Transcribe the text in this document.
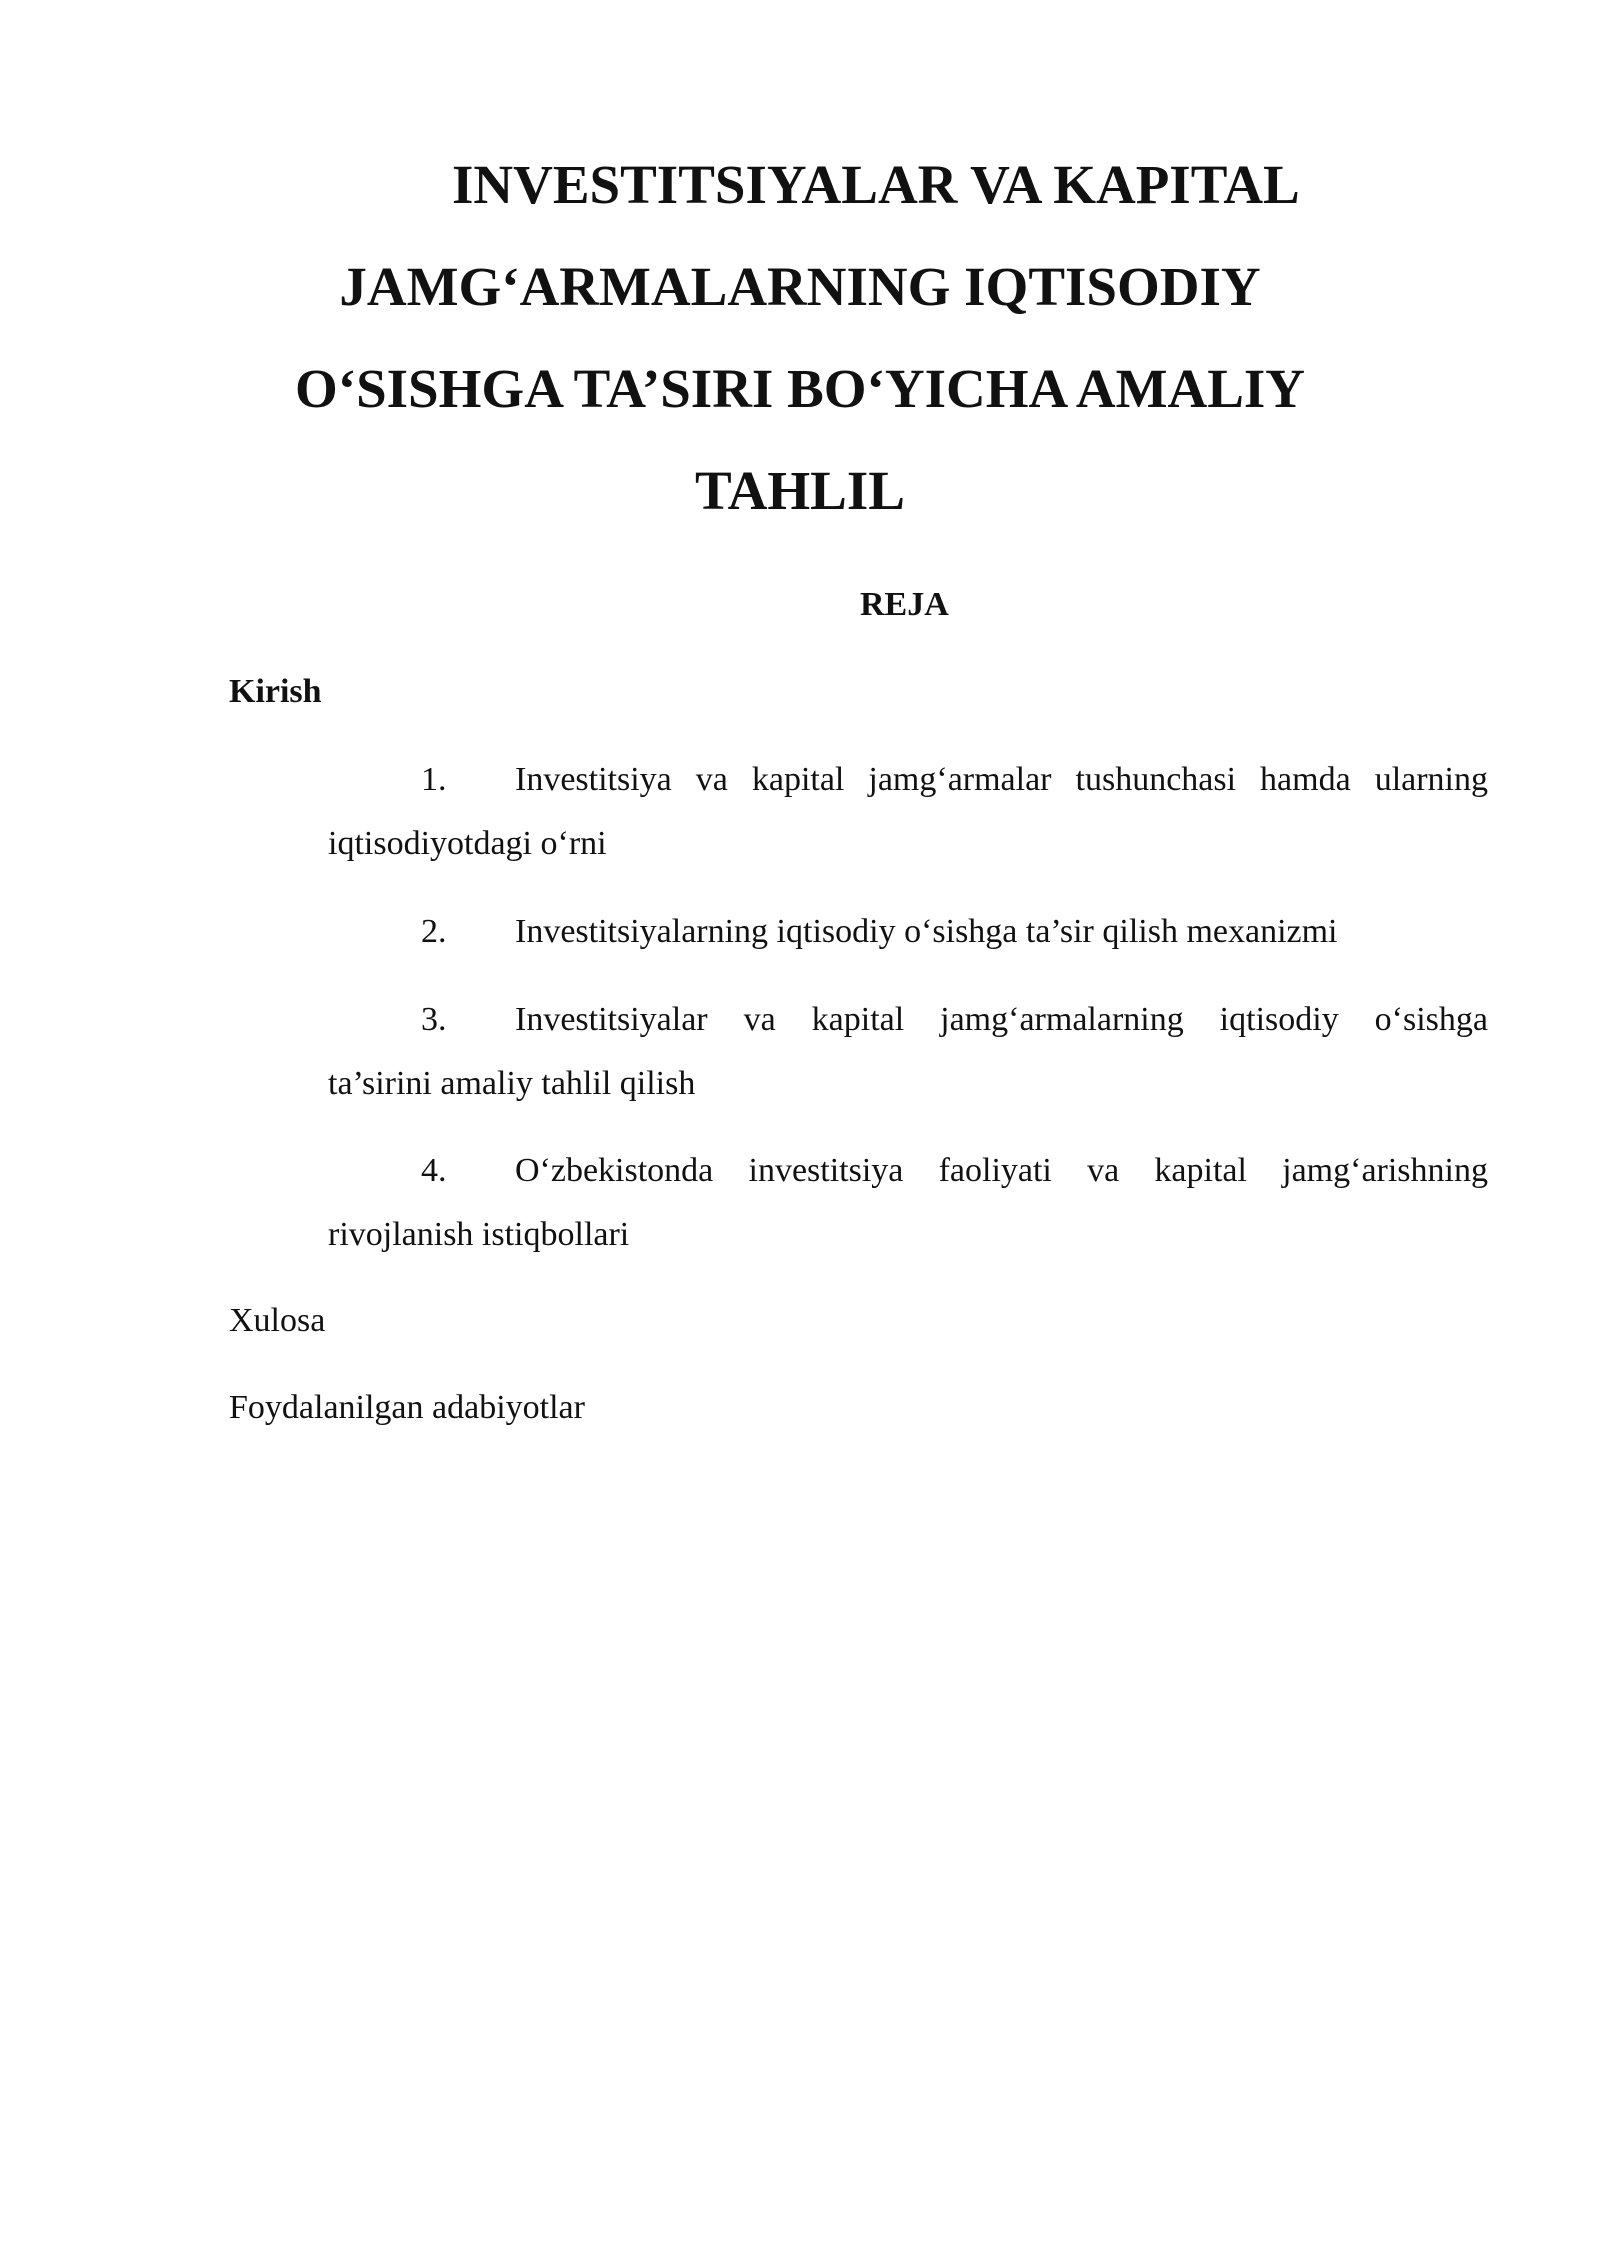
INVESTITSIYALAR VA KAPITAL
JAMG‘ARMALARNING IQTISODIY
O‘SISHGA TA’SIRI BO‘YICHA AMALIY
TAHLIL
REJA
Kirish
1.	Investitsiya va kapital jamg‘armalar tushunchasi hamda ularning
iqtisodiyotdagi o‘rni
2.	Investitsiyalarning iqtisodiy o‘sishga ta’sir qilish mexanizmi
3.	Investitsiyalar va kapital jamg‘armalarning iqtisodiy o‘sishga
ta’sirini amaliy tahlil qilish
4.	O‘zbekistonda investitsiya faoliyati va kapital jamg‘arishning
rivojlanish istiqbollari
Xulosa
Foydalanilgan adabiyotlar
